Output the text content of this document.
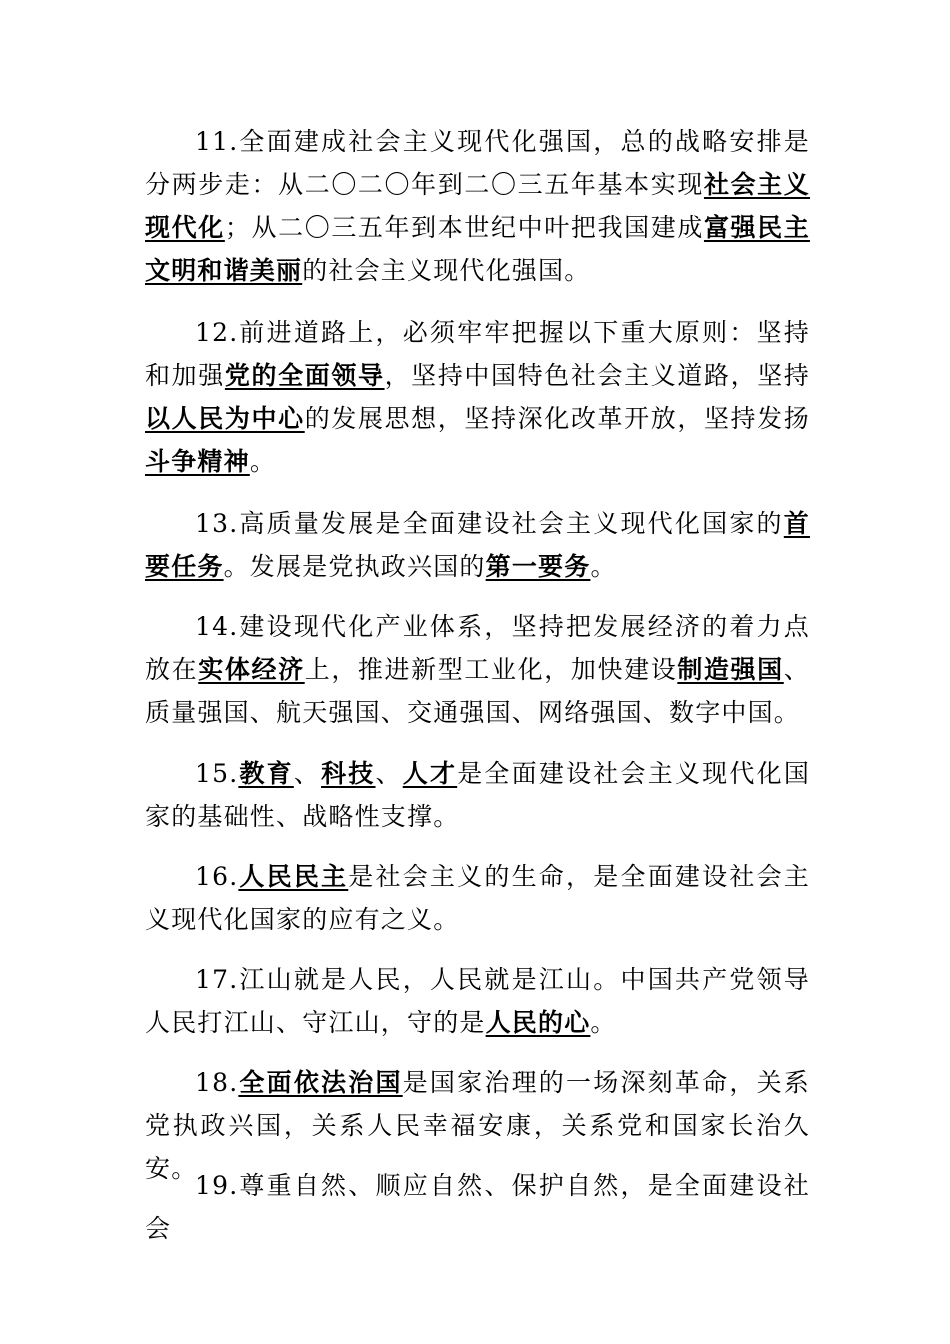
11.全面建成社会主义现代化强国，总的战略安排是分两步走：从二〇二〇年到二〇三五年基本实现社会主义现代化；从二〇三五年到本世纪中叶把我国建成富强民主文明和谐美丽的社会主义现代化强国。

12.前进道路上，必须牢牢把握以下重大原则：坚持和加强党的全面领导，坚持中国特色社会主义道路，坚持以人民为中心的发展思想，坚持深化改革开放，坚持发扬斗争精神。

13.高质量发展是全面建设社会主义现代化国家的首要任务。发展是党执政兴国的第一要务。

14.建设现代化产业体系，坚持把发展经济的着力点放在实体经济上，推进新型工业化，加快建设制造强国、质量强国、航天强国、交通强国、网络强国、数字中国。

15.教育、科技、人才是全面建设社会主义现代化国家的基础性、战略性支撑。

16.人民民主是社会主义的生命，是全面建设社会主义现代化国家的应有之义。

17.江山就是人民，人民就是江山。中国共产党领导人民打江山、守江山，守的是人民的心。

18.全面依法治国是国家治理的一场深刻革命，关系党执政兴国，关系人民幸福安康，关系党和国家长治久安。

19.尊重自然、顺应自然、保护自然，是全面建设社会
